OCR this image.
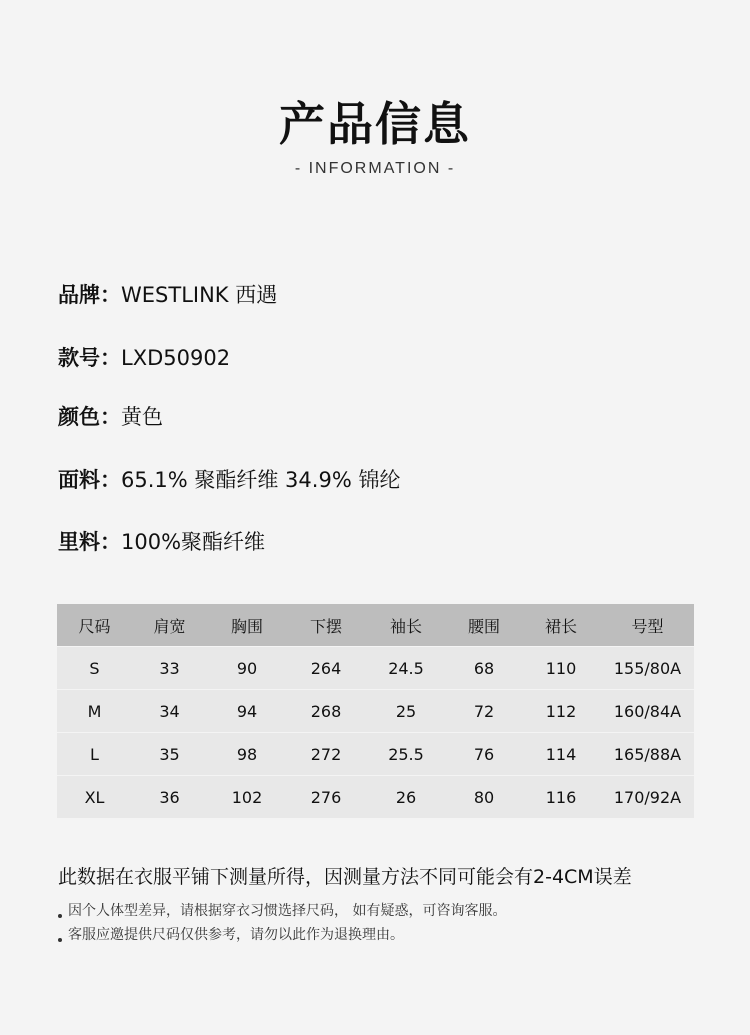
产品信息
- INFORMATION -
品牌：WESTLINK 西遇
款号：LXD50902
颜色：黄色
面料：65.1% 聚酯纤维 34.9% 锦纶
里料：100%聚酯纤维
尺码	肩宽	胸围	下摆	袖长	腰围	裙长	号型
S	33	90	264	24.5	68	110	155/80A
M	34	94	268	25	72	112	160/84A
L	35	98	272	25.5	76	114	165/88A
XL	36	102	276	26	80	116	170/92A
此数据在衣服平铺下测量所得，因测量方法不同可能会有2-4CM误差
因个人体型差异，请根据穿衣习惯选择尺码， 如有疑惑，可咨询客服。
客服应邀提供尺码仅供参考，请勿以此作为退换理由。
